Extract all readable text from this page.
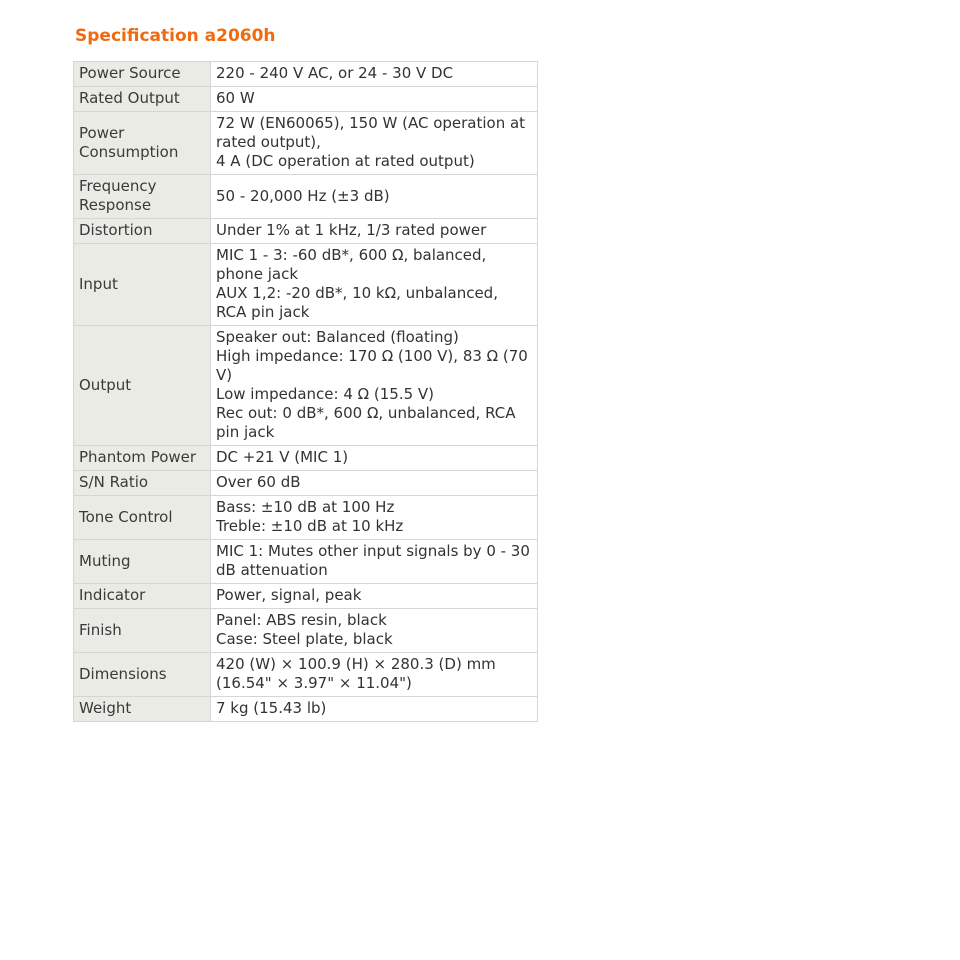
Specification a2060h
Power Source	220 - 240 V AC, or 24 - 30 V DC

Rated Output	60 W

Power Consumption	72 W (EN60065), 150 W (AC operation at rated output),
4 A (DC operation at rated output)

Frequency Response	50 - 20,000 Hz (±3 dB)

Distortion	Under 1% at 1 kHz, 1/3 rated power

Input	MIC 1 - 3: -60 dB*, 600 Ω, balanced, phone jack
AUX 1,2: -20 dB*, 10 kΩ, unbalanced, RCA pin jack

Output	Speaker out: Balanced (floating)
High impedance: 170 Ω (100 V), 83 Ω (70 V)
Low impedance: 4 Ω (15.5 V)
Rec out: 0 dB*, 600 Ω, unbalanced, RCA pin jack

Phantom Power	DC +21 V (MIC 1)

S/N Ratio	Over 60 dB

Tone Control	Bass: ±10 dB at 100 Hz
Treble: ±10 dB at 10 kHz

Muting	MIC 1: Mutes other input signals by 0 - 30 dB attenuation

Indicator	Power, signal, peak

Finish	Panel: ABS resin, black
Case: Steel plate, black

Dimensions	420 (W) × 100.9 (H) × 280.3 (D) mm (16.54" × 3.97" × 11.04")

Weight	7 kg (15.43 lb)
